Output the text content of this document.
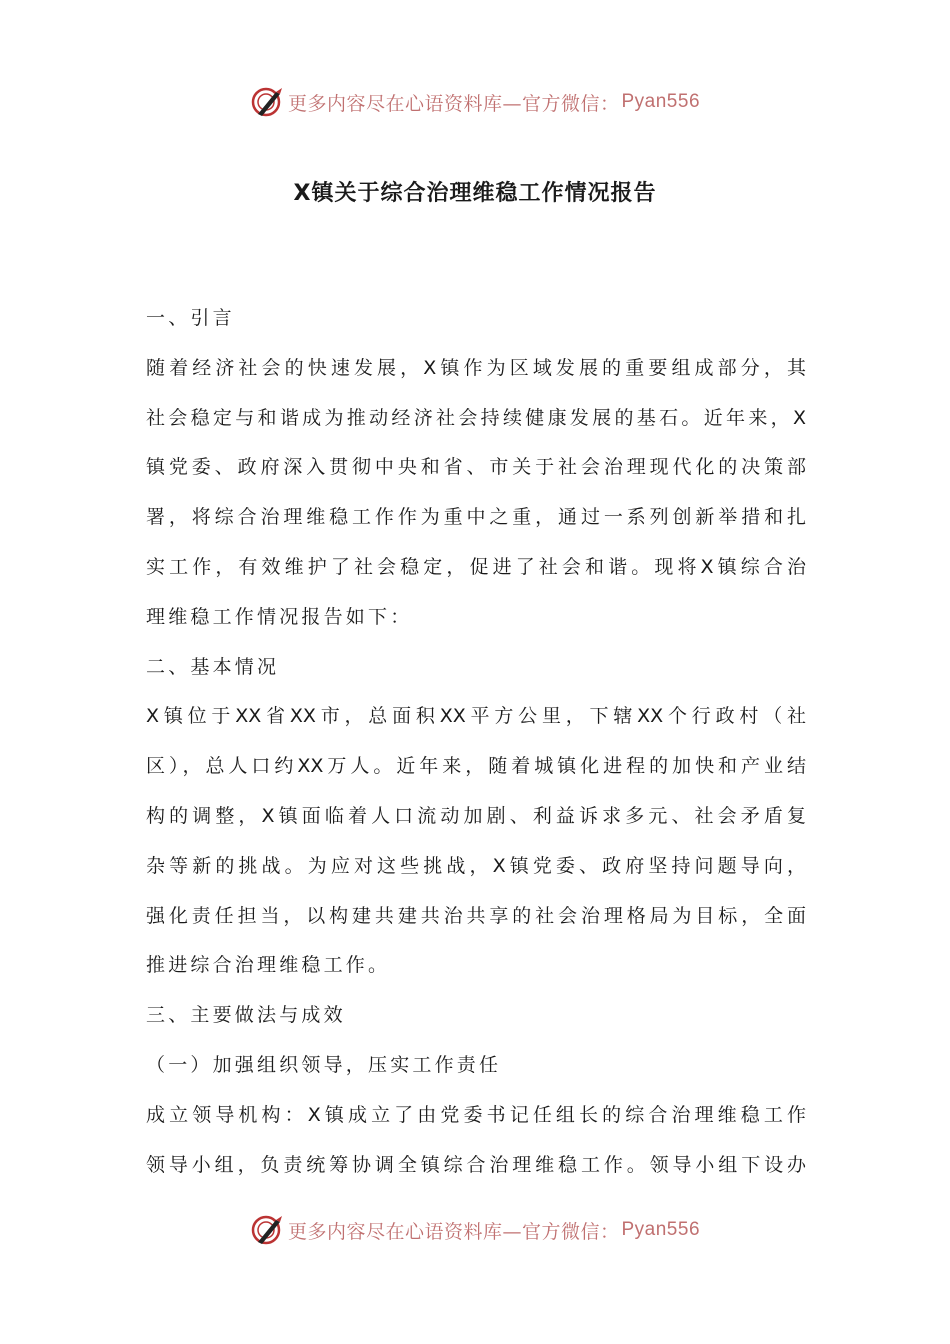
更多内容尽在心语资料库—官方微信： Pyan556
X镇关于综合治理维稳工作情况报告
一、引言
随着经济社会的快速发展，X镇作为区域发展的重要组成部分，其
社会稳定与和谐成为推动经济社会持续健康发展的基石。近年来，X
镇党委、政府深入贯彻中央和省、市关于社会治理现代化的决策部
署，将综合治理维稳工作作为重中之重，通过一系列创新举措和扎
实工作，有效维护了社会稳定，促进了社会和谐。现将X镇综合治
理维稳工作情况报告如下：
二、基本情况
X镇位于XX省XX市，总面积XX平方公里，下辖XX个行政村（社
区），总人口约XX万人。近年来，随着城镇化进程的加快和产业结
构的调整，X镇面临着人口流动加剧、利益诉求多元、社会矛盾复
杂等新的挑战。为应对这些挑战，X镇党委、政府坚持问题导向，
强化责任担当，以构建共建共治共享的社会治理格局为目标，全面
推进综合治理维稳工作。
三、主要做法与成效
（一）加强组织领导，压实工作责任
成立领导机构：X镇成立了由党委书记任组长的综合治理维稳工作
领导小组，负责统筹协调全镇综合治理维稳工作。领导小组下设办
更多内容尽在心语资料库—官方微信： Pyan556
